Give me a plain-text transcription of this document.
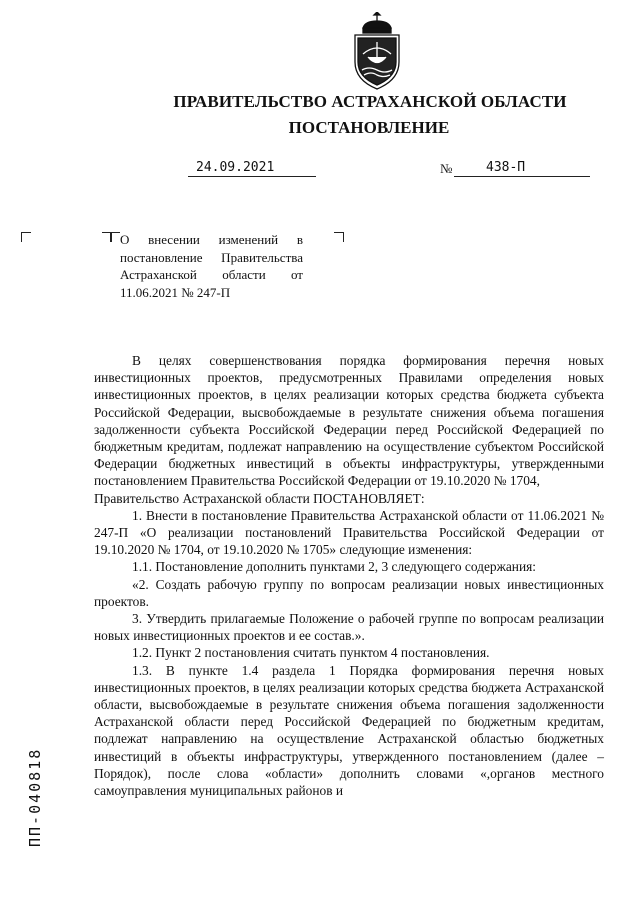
ПРАВИТЕЛЬСТВО АСТРАХАНСКОЙ ОБЛАСТИ
ПОСТАНОВЛЕНИЕ
24.09.2021	№	438-П
О внесении изменений в постановление Правительства Астраханской области от 11.06.2021 № 247-П

В целях совершенствования порядка формирования перечня новых инвестиционных проектов, предусмотренных Правилами определения новых инвестиционных проектов, в целях реализации которых средства бюджета субъекта Российской Федерации, высвобождаемые в результате снижения объема погашения задолженности субъекта Российской Федерации перед Российской Федерацией по бюджетным кредитам, подлежат направлению на осуществление субъектом Российской Федерации бюджетных инвестиций в объекты инфраструктуры, утвержденными постановлением Правительства Российской Федерации от 19.10.2020 № 1704,

Правительство Астраханской области ПОСТАНОВЛЯЕТ:

1. Внести в постановление Правительства Астраханской области от 11.06.2021 № 247-П «О реализации постановлений Правительства Российской Федерации от 19.10.2020 № 1704, от 19.10.2020 № 1705» следующие изменения:

1.1. Постановление дополнить пунктами 2, 3 следующего содержания:

«2. Создать рабочую группу по вопросам реализации новых инвестиционных проектов.

3. Утвердить прилагаемые Положение о рабочей группе по вопросам реализации новых инвестиционных проектов и ее состав.».

1.2. Пункт 2 постановления считать пунктом 4 постановления.

1.3. В пункте 1.4 раздела 1 Порядка формирования перечня новых инвестиционных проектов, в целях реализации которых средства бюджета Астраханской области, высвобождаемые в результате снижения объема погашения задолженности Астраханской области перед Российской Федерацией по бюджетным кредитам, подлежат направлению на осуществление Астраханской областью бюджетных инвестиций в объекты инфраструктуры, утвержденного постановлением (далее – Порядок), после слова «области» дополнить словами «,органов местного самоуправления муниципальных районов и

ПП-040818
